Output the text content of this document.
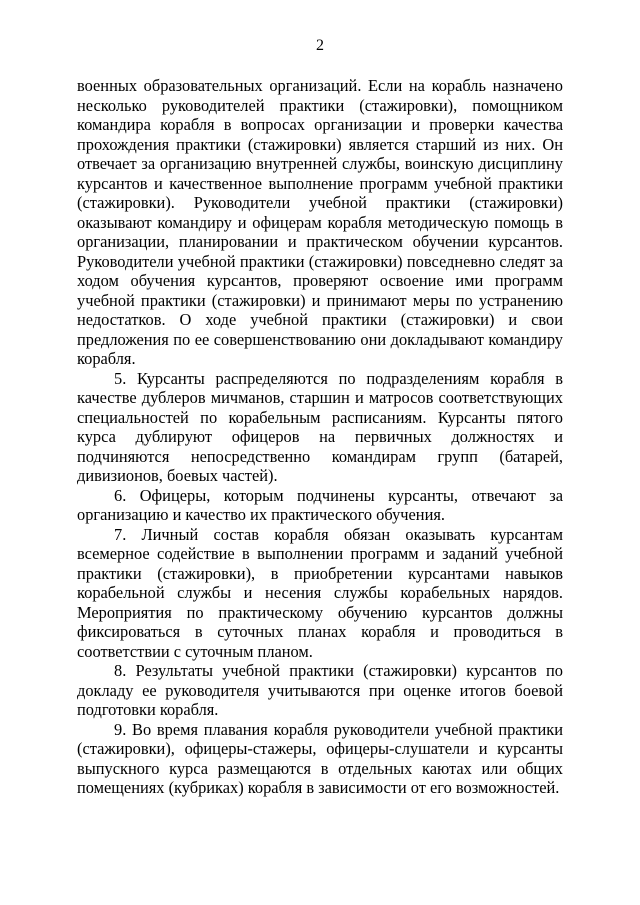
2

военных образовательных организаций. Если на корабль назначено несколько руководителей практики (стажировки), помощником командира корабля в вопросах организации и проверки качества прохождения практики (стажировки) является старший из них. Он отвечает за организацию внутренней службы, воинскую дисциплину курсантов и качественное выполнение программ учебной практики (стажировки). Руководители учебной практики (стажировки) оказывают командиру и офицерам корабля методическую помощь в организации, планировании и практическом обучении курсантов. Руководители учебной практики (стажировки) повседневно следят за ходом обучения курсантов, проверяют освоение ими программ учебной практики (стажировки) и принимают меры по устранению недостатков. О ходе учебной практики (стажировки) и свои предложения по ее совершенствованию они докладывают командиру корабля.

5. Курсанты распределяются по подразделениям корабля в качестве дублеров мичманов, старшин и матросов соответствующих специальностей по корабельным расписаниям. Курсанты пятого курса дублируют офицеров на первичных должностях и подчиняются непосредственно командирам групп (батарей, дивизионов, боевых частей).

6. Офицеры, которым подчинены курсанты, отвечают за организацию и качество их практического обучения.

7. Личный состав корабля обязан оказывать курсантам всемерное содействие в выполнении программ и заданий учебной практики (стажировки), в приобретении курсантами навыков корабельной службы и несения службы корабельных нарядов. Мероприятия по практическому обучению курсантов должны фиксироваться в суточных планах корабля и проводиться в соответствии с суточным планом.

8. Результаты учебной практики (стажировки) курсантов по докладу ее руководителя учитываются при оценке итогов боевой подготовки корабля.

9. Во время плавания корабля руководители учебной практики (стажировки), офицеры-стажеры, офицеры-слушатели и курсанты выпускного курса размещаются в отдельных каютах или общих помещениях (кубриках) корабля в зависимости от его возможностей.
